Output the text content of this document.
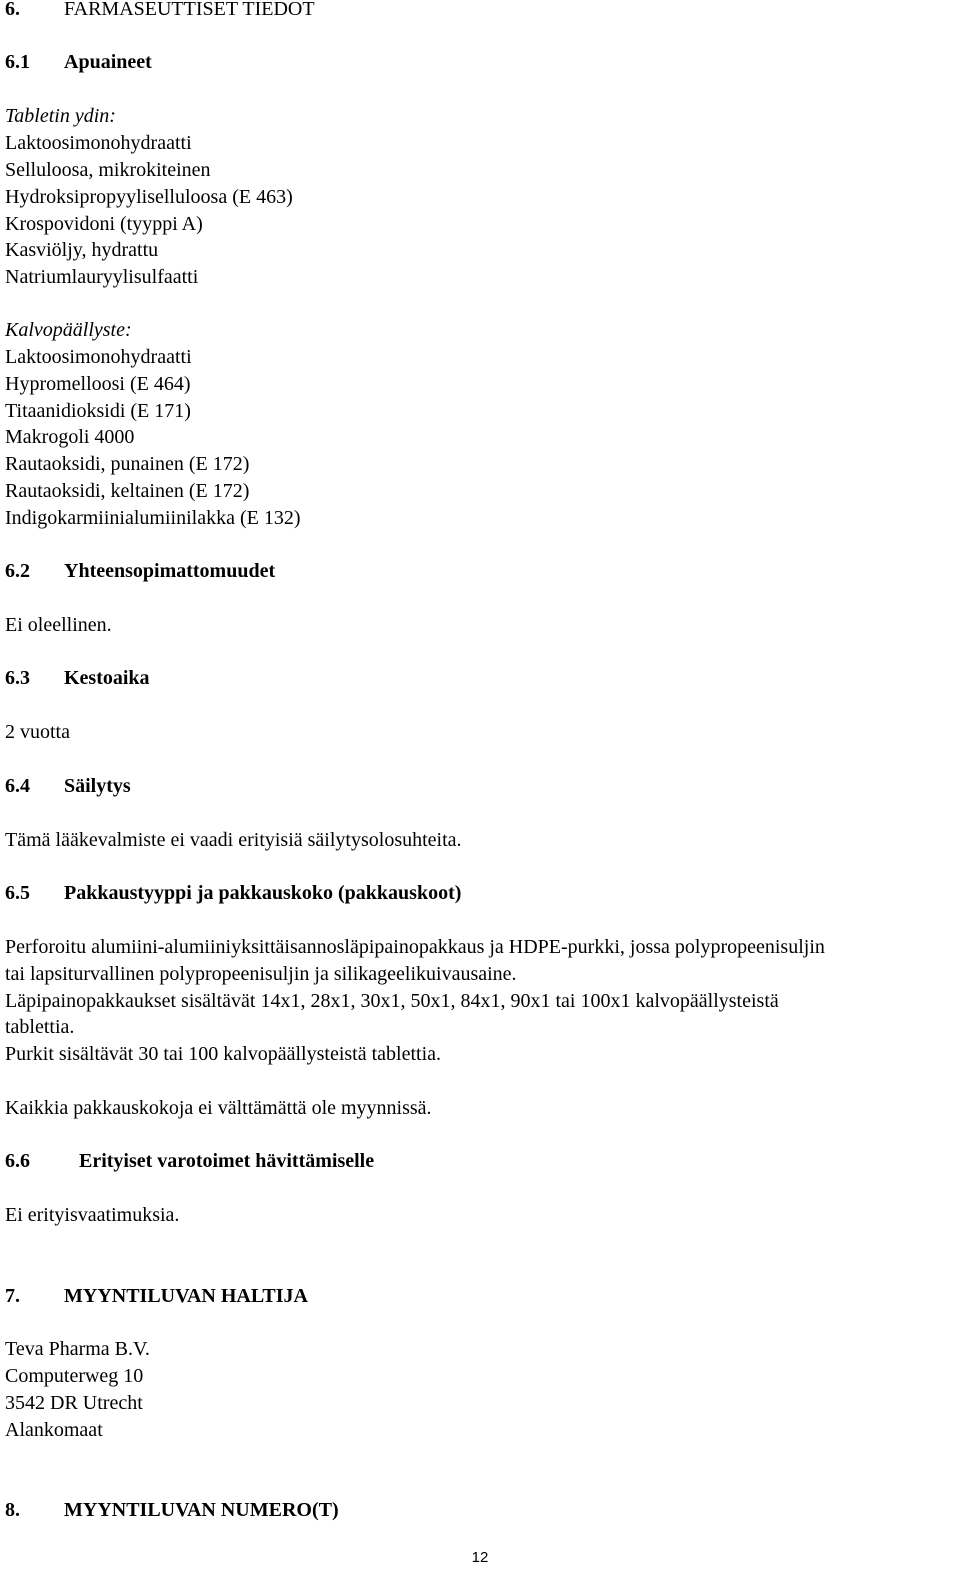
6. FARMASEUTTISET TIEDOT
6.1 Apuaineet
Tabletin ydin:
Laktoosimonohydraatti
Selluloosa, mikrokiteinen
Hydroksipropyyliselluloosa (E 463)
Krospovidoni (tyyppi A)
Kasviöljy, hydrattu
Natriumlauryylisulfaatti
Kalvopäällyste:
Laktoosimonohydraatti
Hypromelloosi (E 464)
Titaanidioksidi (E 171)
Makrogoli 4000
Rautaoksidi, punainen (E 172)
Rautaoksidi, keltainen (E 172)
Indigokarmiinialumiinilakka (E 132)
6.2 Yhteensopimattomuudet
Ei oleellinen.
6.3 Kestoaika
2 vuotta
6.4 Säilytys
Tämä lääkevalmiste ei vaadi erityisiä säilytysolosuhteita.
6.5 Pakkaustyyppi ja pakkauskoko (pakkauskoot)
Perforoitu alumiini-alumiiniyksittäisannosläpipainopakkaus ja HDPE-purkki, jossa polypropeenisuljin
tai lapsiturvallinen polypropeenisuljin ja silikageelikuivausaine.
Läpipainopakkaukset sisältävät 14x1, 28x1, 30x1, 50x1, 84x1, 90x1 tai 100x1 kalvopäällysteistä
tablettia.
Purkit sisältävät 30 tai 100 kalvopäällysteistä tablettia.
Kaikkia pakkauskokoja ei välttämättä ole myynnissä.
6.6 Erityiset varotoimet hävittämiselle
Ei erityisvaatimuksia.
7. MYYNTILUVAN HALTIJA
Teva Pharma B.V.
Computerweg 10
3542 DR Utrecht
Alankomaat
8. MYYNTILUVAN NUMERO(T)
12
